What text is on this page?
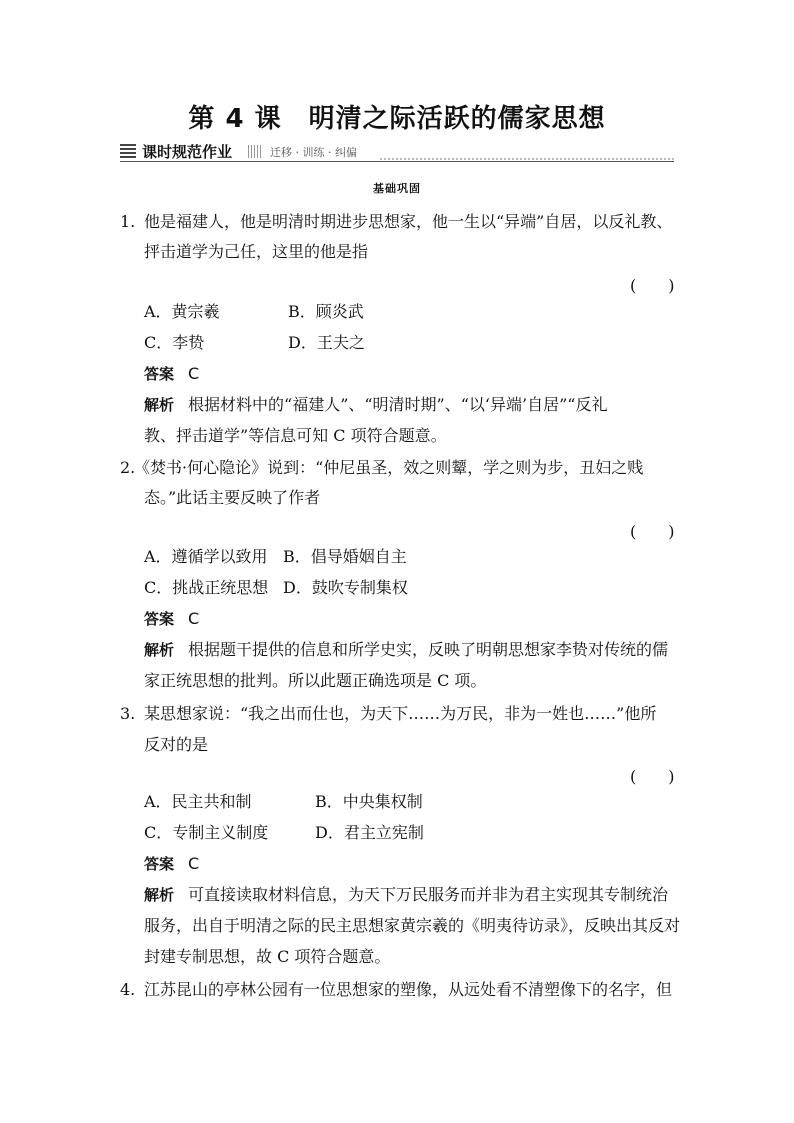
第 4 课　明清之际活跃的儒家思想
课时规范作业	迁移 · 训练 · 纠偏
基础巩固
1. 他是福建人，他是明清时期进步思想家，他一生以“异端”自居，以反礼教、
抨击道学为己任，这里的他是指
(　　)
A．黄宗羲	B．顾炎武
C．李贽	D．王夫之
答案 C
解析 根据材料中的“福建人”、“明清时期”、“以‘异端’自居”“反礼
教、抨击道学”等信息可知 C 项符合题意。
2.《焚书·何心隐论》说到：“仲尼虽圣，效之则颦，学之则为步，丑妇之贱
态。”此话主要反映了作者
(　　)
A．遵循学以致用 B．倡导婚姻自主
C．挑战正统思想 D．鼓吹专制集权
答案 C
解析 根据题干提供的信息和所学史实，反映了明朝思想家李贽对传统的儒
家正统思想的批判。所以此题正确选项是 C 项。
3. 某思想家说：“我之出而仕也，为天下……为万民，非为一姓也……”他所
反对的是
(　　)
A．民主共和制	B．中央集权制
C．专制主义制度	D．君主立宪制
答案 C
解析 可直接读取材料信息，为天下万民服务而并非为君主实现其专制统治
服务，出自于明清之际的民主思想家黄宗羲的《明夷待访录》，反映出其反对
封建专制思想，故 C 项符合题意。
4. 江苏昆山的亭林公园有一位思想家的塑像，从远处看不清塑像下的名字，但
